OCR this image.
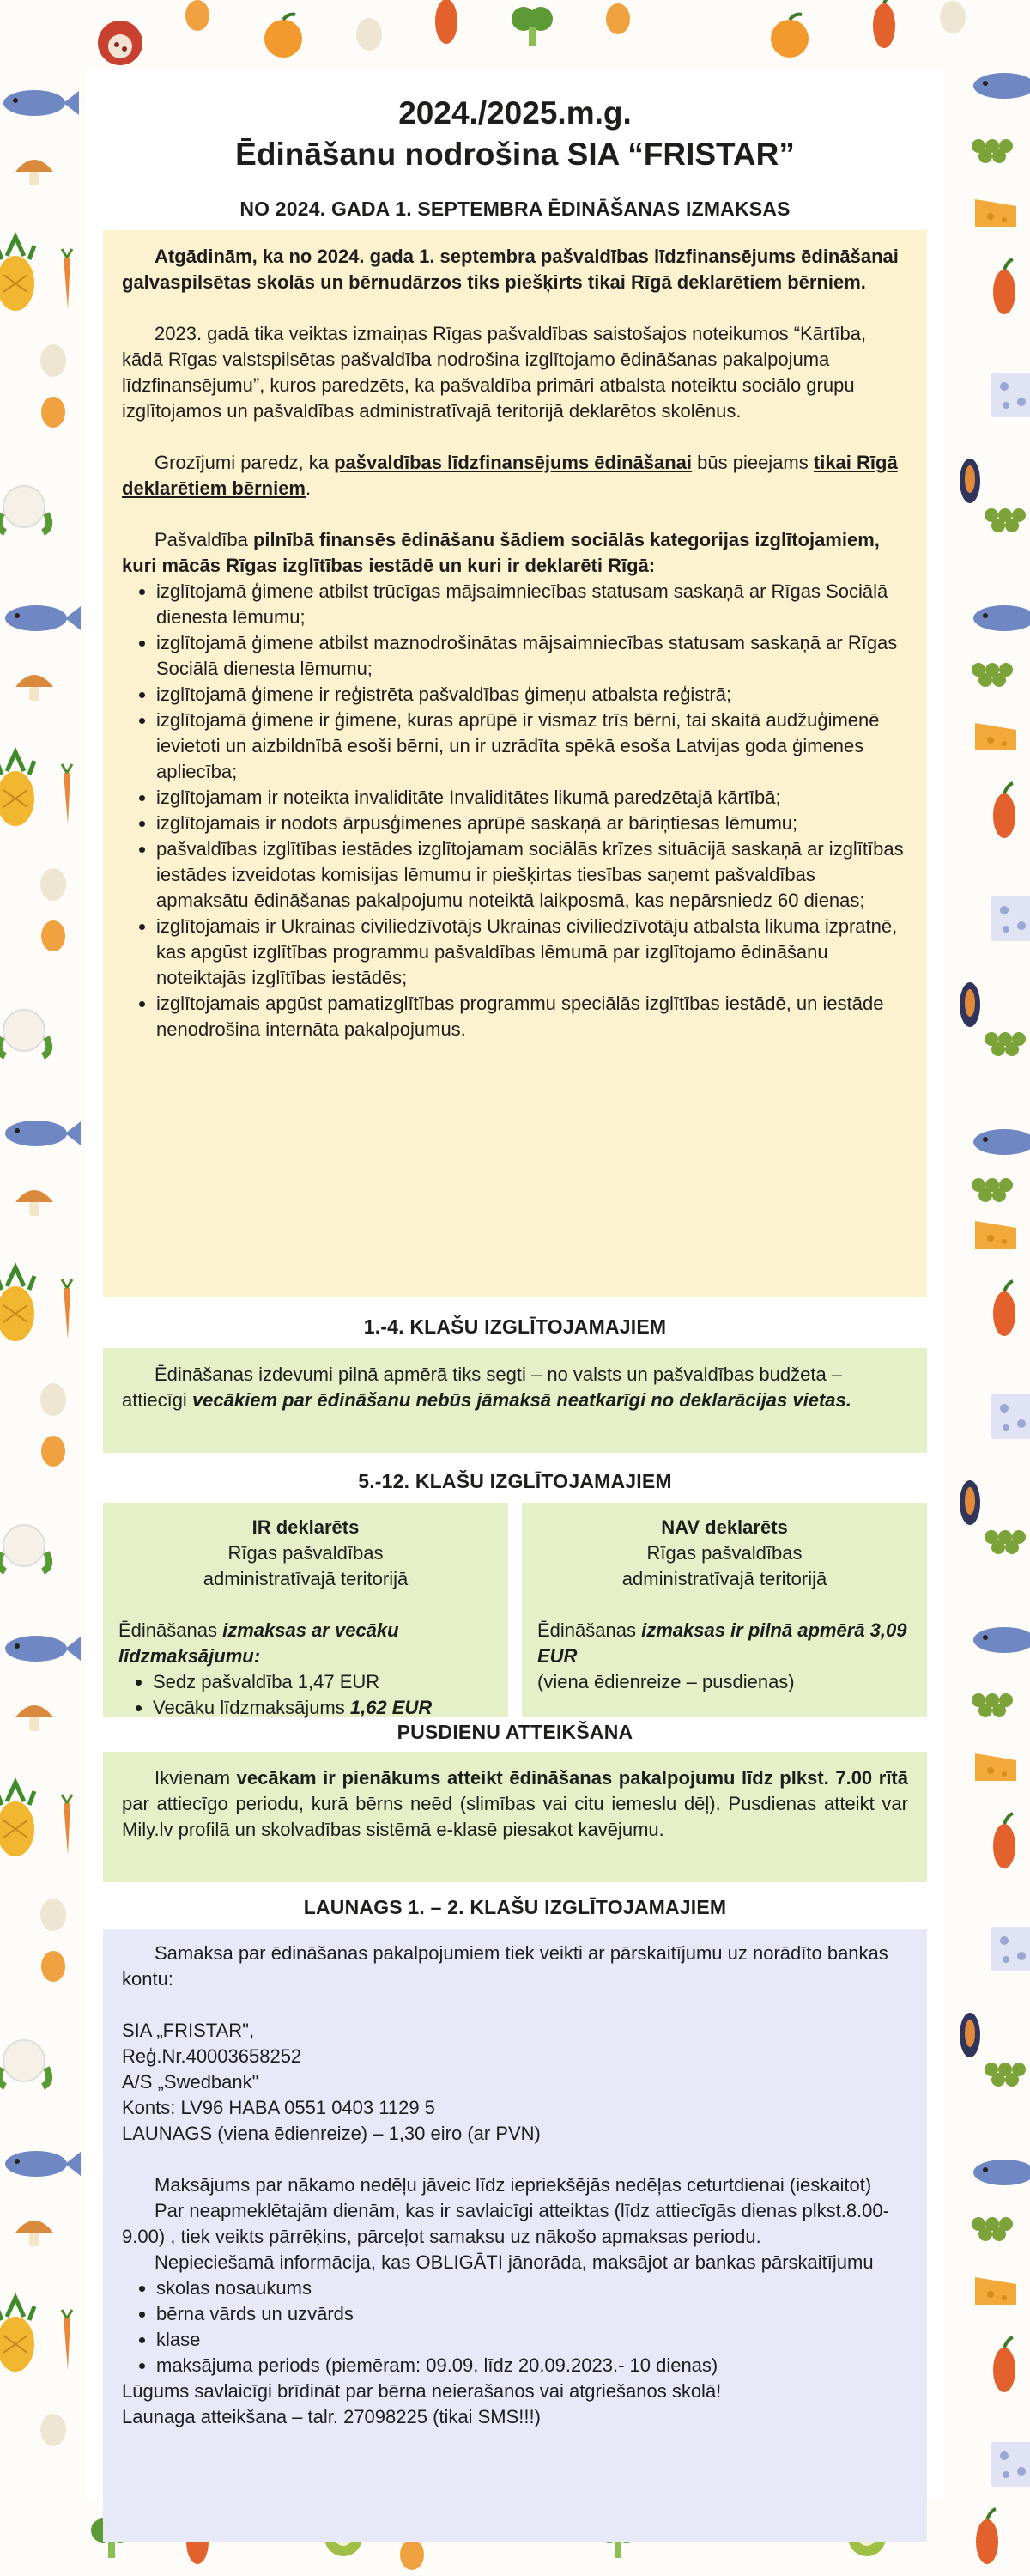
2024./2025.m.g.
Ēdināšanu nodrošina SIA “FRISTAR”
NO 2024. GADA 1. SEPTEMBRA ĒDINĀŠANAS IZMAKSAS

Atgādinām, ka no 2024. gada 1. septembra pašvaldības līdzfinansējums ēdināšanai galvaspilsētas skolās un bērnudārzos tiks piešķirts tikai Rīgā deklarētiem bērniem.

2023. gadā tika veiktas izmaiņas Rīgas pašvaldības saistošajos noteikumos “Kārtība, kādā Rīgas valstspilsētas pašvaldība nodrošina izglītojamo ēdināšanas pakalpojuma līdzfinansējumu”, kuros paredzēts, ka pašvaldība primāri atbalsta noteiktu sociālo grupu izglītojamos un pašvaldības administratīvajā teritorijā deklarētos skolēnus.

Grozījumi paredz, ka pašvaldības līdzfinansējums ēdināšanai būs pieejams tikai Rīgā deklarētiem bērniem.

Pašvaldība pilnībā finansēs ēdināšanu šādiem sociālās kategorijas izglītojamiem, kuri mācās Rīgas izglītības iestādē un kuri ir deklarēti Rīgā:

• izglītojamā ģimene atbilst trūcīgas mājsaimniecības statusam saskaņā ar Rīgas Sociālā dienesta lēmumu;
• izglītojamā ģimene atbilst maznodrošinātas mājsaimniecības statusam saskaņā ar Rīgas Sociālā dienesta lēmumu;
• izglītojamā ģimene ir reģistrēta pašvaldības ģimeņu atbalsta reģistrā;
• izglītojamā ģimene ir ģimene, kuras aprūpē ir vismaz trīs bērni, tai skaitā audžuģimenē ievietoti un aizbildnībā esoši bērni, un ir uzrādīta spēkā esoša Latvijas goda ģimenes apliecība;
• izglītojamam ir noteikta invaliditāte Invaliditātes likumā paredzētajā kārtībā;
• izglītojamais ir nodots ārpusģimenes aprūpē saskaņā ar bāriņtiesas lēmumu;
• pašvaldības izglītības iestādes izglītojamam sociālās krīzes situācijā saskaņā ar izglītības iestādes izveidotas komisijas lēmumu ir piešķirtas tiesības saņemt pašvaldības apmaksātu ēdināšanas pakalpojumu noteiktā laikposmā, kas nepārsniedz 60 dienas;
• izglītojamais ir Ukrainas civiliedzīvotājs Ukrainas civiliedzīvotāju atbalsta likuma izpratnē, kas apgūst izglītības programmu pašvaldības lēmumā par izglītojamo ēdināšanu noteiktajās izglītības iestādēs;
• izglītojamais apgūst pamatizglītības programmu speciālās izglītības iestādē, un iestāde nenodrošina internāta pakalpojumus.
1.-4. KLAŠU IZGLĪTOJAMAJIEM

Ēdināšanas izdevumi pilnā apmērā tiks segti – no valsts un pašvaldības budžeta – attiecīgi vecākiem par ēdināšanu nebūs jāmaksā neatkarīgi no deklarācijas vietas.

5.-12. KLAŠU IZGLĪTOJAMAJIEM
IR deklarēts
Rīgas pašvaldības
administratīvajā teritorijā

Ēdināšanas izmaksas ar vecāku līdzmaksājumu:

• Sedz pašvaldība 1,47 EUR
• Vecāku līdzmaksājums 1,62 EUR
NAV deklarēts
Rīgas pašvaldības
administratīvajā teritorijā

Ēdināšanas izmaksas ir pilnā apmērā 3,09 EUR

(viena ēdienreize – pusdienas)

PUSDIENU ATTEIKŠANA

Ikvienam vecākam ir pienākums atteikt ēdināšanas pakalpojumu līdz plkst. 7.00 rītā par attiecīgo periodu, kurā bērns neēd (slimības vai citu iemeslu dēļ). Pusdienas atteikt var Mily.lv profilā un skolvadības sistēmā e-klasē piesakot kavējumu.

LAUNAGS 1. – 2. KLAŠU IZGLĪTOJAMAJIEM

Samaksa par ēdināšanas pakalpojumiem tiek veikti ar pārskaitījumu uz norādīto bankas kontu:

SIA „FRISTAR",
Reģ.Nr.40003658252
A/S „Swedbank"
Konts: LV96 HABA 0551 0403 1129 5
LAUNAGS (viena ēdienreize) – 1,30 eiro (ar PVN)

Maksājums par nākamo nedēļu jāveic līdz iepriekšējās nedēļas ceturtdienai (ieskaitot)

Par neapmeklētajām dienām, kas ir savlaicīgi atteiktas (līdz attiecīgās dienas plkst.8.00-9.00) , tiek veikts pārrēķins, pārceļot samaksu uz nākošo apmaksas periodu.

Nepieciešamā informācija, kas OBLIGĀTI jānorāda, maksājot ar bankas pārskaitījumu

• skolas nosaukums
• bērna vārds un uzvārds
• klase
• maksājuma periods (piemēram: 09.09. līdz 20.09.2023.- 10 dienas)

Lūgums savlaicīgi brīdināt par bērna neierašanos vai atgriešanos skolā!

Launaga atteikšana – talr. 27098225 (tikai SMS!!!)
